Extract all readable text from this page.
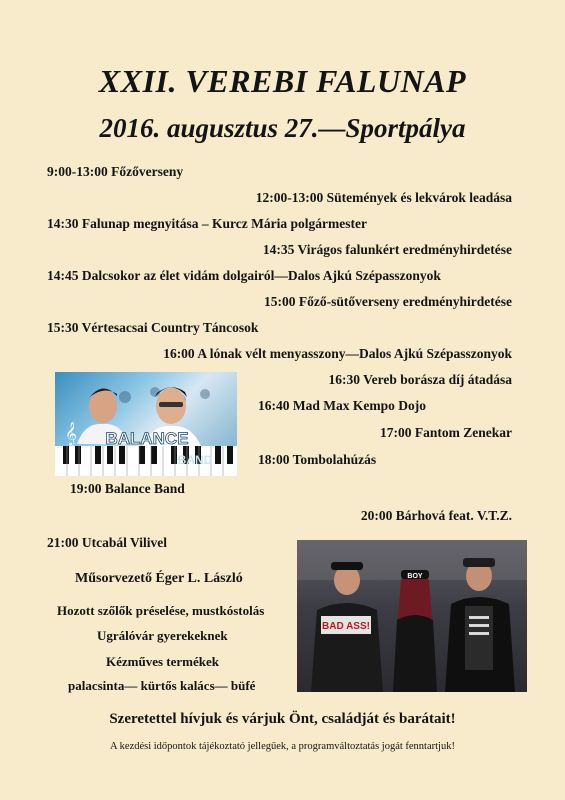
XXII. VEREBI FALUNAP
2016. augusztus 27.—Sportpálya
9:00-13:00 Főzőverseny
12:00-13:00 Sütemények és lekvárok leadása
14:30 Falunap megnyitása – Kurcz Mária polgármester
14:35 Virágos falunkért eredményhirdetése
14:45 Dalcsokor az élet vidám dolgairól—Dalos Ajkú Szépasszonyok
15:00 Főző-sütőverseny eredményhirdetése
15:30 Vértesacsai Country Táncosok
16:00 A lónak vélt menyasszony—Dalos Ajkú Szépasszonyok
16:30 Vereb borásza díj átadása
16:40 Mad Max Kempo Dojo
17:00 Fantom Zenekar
18:00 Tombolahúzás
19:00 Balance Band
20:00 Bárhová feat. V.T.Z.
21:00 Utcabál Vilivel
BALANCE
BAND
𝄞
BAD ASS!
BOY
Műsorvezető Éger L. László
Hozott szőlők préselése, mustkóstolás
Ugrálóvár gyerekeknek
Kézműves termékek
palacsinta— kürtős kalács— büfé
Szeretettel hívjuk és várjuk Önt, családját és barátait!
A kezdési időpontok tájékoztató jellegűek, a programváltoztatás jogát fenntartjuk!
